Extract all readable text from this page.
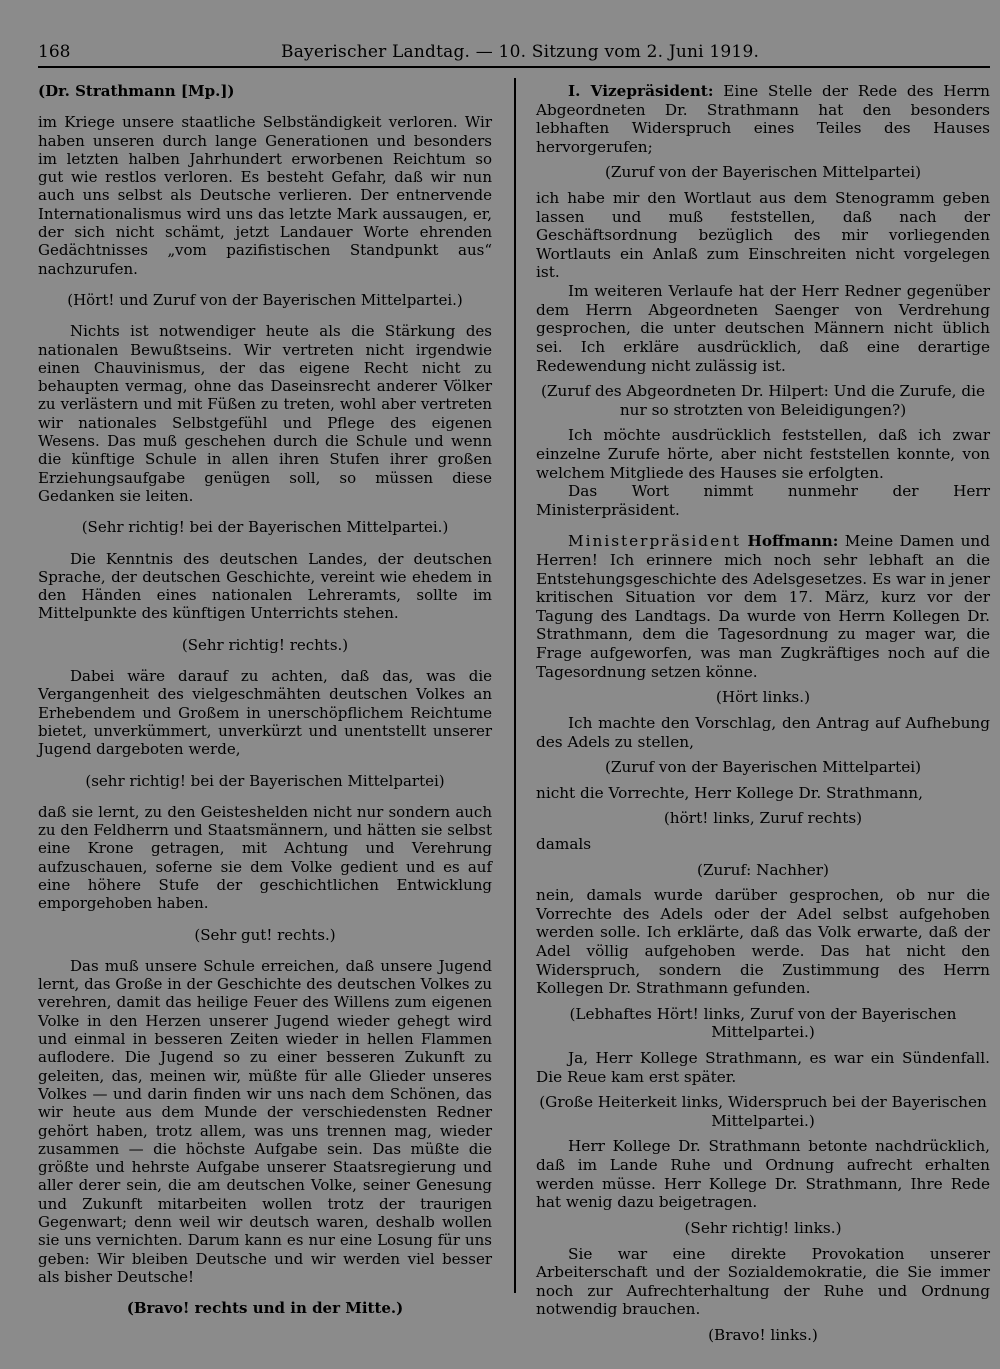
168	Bayerischer Landtag. — 10. Sitzung vom 2. Juni 1919.

(Dr. Strathmann [Mp.])

im Kriege unsere staatliche Selbständigkeit verloren. Wir haben unseren durch lange Generationen und besonders im letzten halben Jahrhundert erworbenen Reichtum so gut wie restlos verloren. Es besteht Gefahr, daß wir nun auch uns selbst als Deutsche verlieren. Der entnervende Internationalismus wird uns das letzte Mark aussaugen, er, der sich nicht schämt, jetzt Landauer Worte ehrenden Gedächtnisses „vom pazifistischen Standpunkt aus“ nachzurufen.

(Hört! und Zuruf von der Bayerischen Mittelpartei.)

Nichts ist notwendiger heute als die Stärkung des nationalen Bewußtseins. Wir vertreten nicht irgendwie einen Chauvinismus, der das eigene Recht nicht zu behaupten vermag, ohne das Daseinsrecht anderer Völker zu verlästern und mit Füßen zu treten, wohl aber vertreten wir nationales Selbstgefühl und Pflege des eigenen Wesens. Das muß geschehen durch die Schule und wenn die künftige Schule in allen ihren Stufen ihrer großen Erziehungsaufgabe genügen soll, so müssen diese Gedanken sie leiten.

(Sehr richtig! bei der Bayerischen Mittelpartei.)

Die Kenntnis des deutschen Landes, der deutschen Sprache, der deutschen Geschichte, vereint wie ehedem in den Händen eines nationalen Lehreramts, sollte im Mittelpunkte des künftigen Unterrichts stehen.

(Sehr richtig! rechts.)

Dabei wäre darauf zu achten, daß das, was die Vergangenheit des vielgeschmähten deutschen Volkes an Erhebendem und Großem in unerschöpflichem Reichtume bietet, unverkümmert, unverkürzt und unentstellt unserer Jugend dargeboten werde,

(sehr richtig! bei der Bayerischen Mittelpartei)

daß sie lernt, zu den Geisteshelden nicht nur sondern auch zu den Feldherrn und Staatsmännern, und hätten sie selbst eine Krone getragen, mit Achtung und Verehrung aufzuschauen, soferne sie dem Volke gedient und es auf eine höhere Stufe der geschichtlichen Entwicklung emporgehoben haben.

(Sehr gut! rechts.)

Das muß unsere Schule erreichen, daß unsere Jugend lernt, das Große in der Geschichte des deutschen Volkes zu verehren, damit das heilige Feuer des Willens zum eigenen Volke in den Herzen unserer Jugend wieder gehegt wird und einmal in besseren Zeiten wieder in hellen Flammen auflodere. Die Jugend so zu einer besseren Zukunft zu geleiten, das, meinen wir, müßte für alle Glieder unseres Volkes — und darin finden wir uns nach dem Schönen, das wir heute aus dem Munde der verschiedensten Redner gehört haben, trotz allem, was uns trennen mag, wieder zusammen — die höchste Aufgabe sein. Das müßte die größte und hehrste Aufgabe unserer Staatsregierung und aller derer sein, die am deutschen Volke, seiner Genesung und Zukunft mitarbeiten wollen trotz der traurigen Gegenwart; denn weil wir deutsch waren, deshalb wollen sie uns vernichten. Darum kann es nur eine Losung für uns geben: Wir bleiben Deutsche und wir werden viel besser als bisher Deutsche!

(Bravo! rechts und in der Mitte.)

I. Vizepräsident: Eine Stelle der Rede des Herrn Abgeordneten Dr. Strathmann hat den besonders lebhaften Widerspruch eines Teiles des Hauses hervorgerufen;

(Zuruf von der Bayerischen Mittelpartei)

ich habe mir den Wortlaut aus dem Stenogramm geben lassen und muß feststellen, daß nach der Geschäftsordnung bezüglich des mir vorliegenden Wortlauts ein Anlaß zum Einschreiten nicht vorgelegen ist.

Im weiteren Verlaufe hat der Herr Redner gegenüber dem Herrn Abgeordneten Saenger von Verdrehung gesprochen, die unter deutschen Männern nicht üblich sei. Ich erkläre ausdrücklich, daß eine derartige Redewendung nicht zulässig ist.

(Zuruf des Abgeordneten Dr. Hilpert: Und die Zurufe, die nur so strotzten von Beleidigungen?)

Ich möchte ausdrücklich feststellen, daß ich zwar einzelne Zurufe hörte, aber nicht feststellen konnte, von welchem Mitgliede des Hauses sie erfolgten.

Das Wort nimmt nunmehr der Herr Ministerpräsident.

Ministerpräsident Hoffmann: Meine Damen und Herren! Ich erinnere mich noch sehr lebhaft an die Entstehungsgeschichte des Adelsgesetzes. Es war in jener kritischen Situation vor dem 17. März, kurz vor der Tagung des Landtags. Da wurde von Herrn Kollegen Dr. Strathmann, dem die Tagesordnung zu mager war, die Frage aufgeworfen, was man Zugkräftiges noch auf die Tagesordnung setzen könne.

(Hört links.)

Ich machte den Vorschlag, den Antrag auf Aufhebung des Adels zu stellen,

(Zuruf von der Bayerischen Mittelpartei)

nicht die Vorrechte, Herr Kollege Dr. Strathmann,

(hört! links, Zuruf rechts)

damals

(Zuruf: Nachher)

nein, damals wurde darüber gesprochen, ob nur die Vorrechte des Adels oder der Adel selbst aufgehoben werden solle. Ich erklärte, daß das Volk erwarte, daß der Adel völlig aufgehoben werde. Das hat nicht den Widerspruch, sondern die Zustimmung des Herrn Kollegen Dr. Strathmann gefunden.

(Lebhaftes Hört! links, Zuruf von der Bayerischen Mittelpartei.)

Ja, Herr Kollege Strathmann, es war ein Sündenfall. Die Reue kam erst später.

(Große Heiterkeit links, Widerspruch bei der Bayerischen Mittelpartei.)

Herr Kollege Dr. Strathmann betonte nachdrücklich, daß im Lande Ruhe und Ordnung aufrecht erhalten werden müsse. Herr Kollege Dr. Strathmann, Ihre Rede hat wenig dazu beigetragen.

(Sehr richtig! links.)

Sie war eine direkte Provokation unserer Arbeiterschaft und der Sozialdemokratie, die Sie immer noch zur Aufrechterhaltung der Ruhe und Ordnung notwendig brauchen.

(Bravo! links.)
